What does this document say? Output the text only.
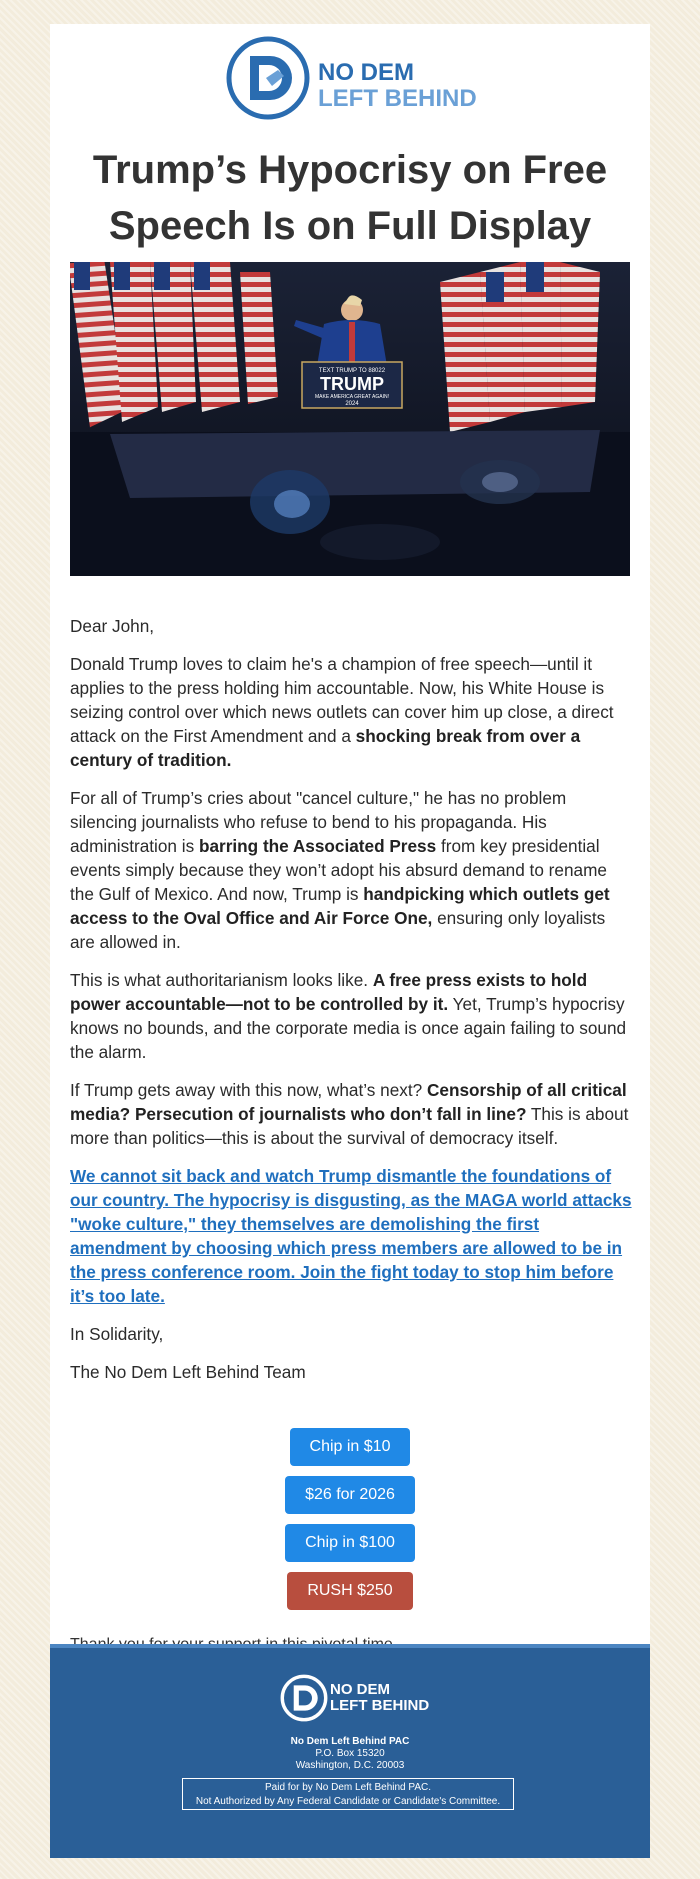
NO DEM
LEFT BEHIND
Trump’s Hypocrisy on Free Speech Is on Full Display
TEXT TRUMP TO 88022
TRUMP
MAKE AMERICA GREAT AGAIN!
2024

Dear John,

Donald Trump loves to claim he's a champion of free speech—until it applies to the press holding him accountable. Now, his White House is seizing control over which news outlets can cover him up close, a direct attack on the First Amendment and a shocking break from over a century of tradition.

For all of Trump’s cries about "cancel culture," he has no problem silencing journalists who refuse to bend to his propaganda. His administration is barring the Associated Press from key presidential events simply because they won’t adopt his absurd demand to rename the Gulf of Mexico. And now, Trump is handpicking which outlets get access to the Oval Office and Air Force One, ensuring only loyalists are allowed in.

This is what authoritarianism looks like. A free press exists to hold power accountable—not to be controlled by it. Yet, Trump’s hypocrisy knows no bounds, and the corporate media is once again failing to sound the alarm.

If Trump gets away with this now, what’s next? Censorship of all critical media? Persecution of journalists who don’t fall in line? This is about more than politics—this is about the survival of democracy itself.

We cannot sit back and watch Trump dismantle the foundations of our country. The hypocrisy is disgusting, as the MAGA world attacks "woke culture," they themselves are demolishing the first amendment by choosing which press members are allowed to be in the press conference room. Join the fight today to stop him before it’s too late.

In Solidarity,

The No Dem Left Behind Team

Chip in $10
$26 for 2026
Chip in $100
RUSH $250
NO DEM
LEFT BEHIND
No Dem Left Behind PAC
P.O. Box 15320
Washington, D.C. 20003
Paid for by No Dem Left Behind PAC.
Not Authorized by Any Federal Candidate or Candidate's Committee.
